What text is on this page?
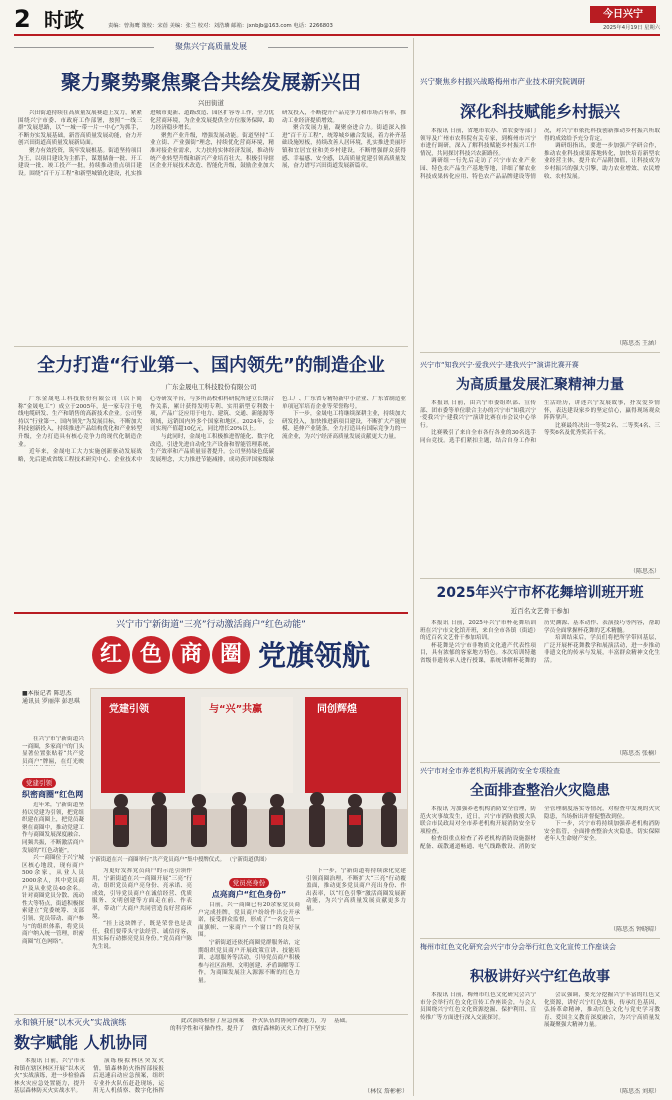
2 时政	责编：曾海鹰 策校：宋蓓 美编：张兰 校对：刘浩璘 邮箱：jxnbjb@163.com 电话：2266803
今日兴宁
2025年4月19日 星期六
聚焦兴宁高质量发展
聚力聚势聚焦聚合共绘发展新兴田
兴田街道

兴田街道持续在高质量发展赛道上发力，紧紧围绕兴宁市委、市政府工作部署，按照“一线三群”发展思路，以“一城一带一片一中心”为抓手，不断夯实发展基础，新晋高质量发展动能，奋力开创兴田街道高质量发展新局面。

聚力有效投资，筑牢发展根基。街道坚持项目为王，以项目建设为主抓手，谋划储备一批、开工建设一批、竣工投产一批，持续推动重点项目建设。围绕“百千万工程”和新型城镇化建设，扎实推进城市更新、道路改造、园区扩容等工作，全力优化营商环境，为企业发展提供全方位服务保障，助力经济稳步增长。

聚焦产业升级，增强发展动能。街道坚持“工业立街、产业强街”理念，持续优化营商环境，精准对接企业需求，大力扶持实体经济发展，推动传统产业转型升级和新兴产业培育壮大。积极引导辖区企业开展技术改造、智能化升级，鼓励企业加大研发投入，不断提升产品竞争力和市场占有率，推动工业经济提质增效。

聚合发展力量，凝聚奋进合力。街道深入推进“百千万工程”，统筹城乡融合发展，着力补齐基础设施短板，持续改善人居环境，扎实推进美丽圩镇和宜居宜业和美乡村建设，不断增强群众获得感、幸福感、安全感，以高质量党建引领高质量发展，奋力谱写兴田街道发展新篇章。

全力打造“行业第一、国内领先”的制造企业
广东金晟电工科技股份有限公司

广东金晟电工科技股份有限公司（以下简称“金晟电工”）成立于2005年，是一家专注于电线电缆研发、生产和销售的高新技术企业。公司坚持以“行业第一、国内领先”为发展目标，不断加大科技创新投入，持续推进产品结构优化和产业转型升级，全力打造具有核心竞争力的现代化制造企业。

近年来，金晟电工大力实施创新驱动发展战略，先后建成省级工程技术研究中心、企业技术中心等研发平台，与多所高校和科研院所建立长期合作关系，累计获得发明专利、实用新型专利数十项，产品广泛应用于电力、建筑、交通、新能源等领域，远销国内外多个国家和地区。2024年，公司实现产值超10亿元，同比增长20%以上。

与此同时，金晟电工积极推进智能化、数字化改造，引进先进自动化生产设备和智能管理系统，生产效率和产品质量显著提升。公司坚持绿色低碳发展理念，大力推进节能减排，成功获评国家级绿色工厂、广东省专精特新中小企业、广东省制造业单项冠军培育企业等荣誉称号。

下一步，金晟电工将继续深耕主业，持续加大研发投入，加快推进新项目建设，不断扩大产能规模、延伸产业链条，全力打造具有国际竞争力的一流企业，为兴宁经济高质量发展贡献更大力量。

兴宁市宁新街道“三亮”行动激活商户“红色动能”
红 色 商 圈 党旗领航
■本报记者 陈思杰
通讯员 罗丽萍 彭思琪

在兴宁市宁新街道兴一商圈，多家商户的门头显著位置张贴着“共产党员商户”牌匾，在灯光映

党建引领	与“兴”共赢	同创辉煌
宁新街道在兴一商圈举行“共产党员商户”集中授牌仪式。 （宁新街道供图）
党建引领
织密商圈“红色网

近年来，宁新街道坚持以党建为引领，把党组织建在商圈上，把党员凝聚在商圈中，推动党建工作与商圈发展深度融合、同频共振，不断激活商户发展的“红色动能”。

兴一商圈位于兴宁城区核心地段，现有商户500余家，从业人员2000余人，其中党员商户及从业党员40余名。针对商圈党员分散、流动性大等特点，街道积极探索建立“党委统筹、支部引领、党员带动、商户参与”的组织体系，将党员商户纳入统一管理，织密商圈“红色网络”。

为更好发挥党员商户的示范引领作用，宁新街道在兴一商圈开展“三亮”行动，组织党员商户亮身份、亮承诺、亮成效，引导党员商户在诚信经营、优质服务、文明创建等方面走在前、作表率，带动广大商户共同营造良好营商环境。

“挂上这块牌子，既是荣誉也是责任，我们要带头守法经营、诚信待客，用实际行动擦亮党员身份。”党员商户陈先生说。

党员亮身份
点亮商户“红色身份”

目前，兴一商圈已有20余家党员商户完成挂牌，党员商户纷纷作出公开承诺，接受群众监督，形成了“一名党员一面旗帜、一家商户一个窗口”的良好氛围。

宁新街道还依托商圈党群服务站，定期组织党员商户开展政策宣讲、技能培训、志愿服务等活动，引导党员商户积极参与社区治理、文明创建、矛盾调解等工作，为商圈发展注入源源不断的红色力量。

下一步，宁新街道将持续深化党建引领商圈治理，不断扩大“三亮”行动覆盖面，推动更多党员商户亮出身份、作出表率，以“红色引擎”激活商圈发展新动能，为兴宁高质量发展贡献更多力量。

永和镇开展“以木灭火”实战演练
数字赋能 人机协同

本报讯 日前，兴宁市永和镇在辖区林区开展“以木灭火”实战演练，进一步检验森林火灾应急处置能力，提升基层森林防灭火实战水平。

演练模拟林区突发火情，镇森林防火指挥部接报后迅速启动应急预案，组织专业扑火队伍赶赴现场，运用无人机侦察、数字化指挥

此次演练检验了应急预案的科学性和可操作性，提升了扑火队伍的协同作战能力，为做好森林防灭火工作打下坚实基础。

（林仪 詹彬彬）
兴宁聚焦乡村振兴战略梅州市产业技术研究院调研
深化科技赋能乡村振兴

本报讯 日前，省地市农办、省农委等部门领导及广州市农科院有关专家，到梅州市兴宁市进行调研，深入了解科技赋能乡村振兴工作情况，共同探讨科技兴农新路径。

调研组一行先后走访了兴宁市农业产业园、特色农产品生产基地等地，详细了解农业科技成果转化应用、特色农产品品牌建设等情况，对兴宁市依托科技创新推动乡村振兴所取得的成效给予充分肯定。

调研组指出，要进一步加强产学研合作，推动农业科技成果落地转化，加快培育新型农业经营主体，提升农产品附加值，让科技成为乡村振兴的强大引擎，助力农业增效、农民增收、农村发展。

（陈思杰 王涵）
兴宁市“知我兴宁·爱我兴宁·建我兴宁”演讲比赛开赛
为高质量发展汇聚精神力量

本报讯 日前，由兴宁市委组织部、宣传部、团市委等单位联合主办的兴宁市“知我兴宁·爱我兴宁·建我兴宁”演讲比赛在市会议中心举行。

比赛吸引了来自全市各行各业的30名选手同台竞技。选手们紧扣主题，结合自身工作和生活经历，讲述兴宁发展故事，抒发爱乡情怀，表达建设家乡的坚定信心，赢得现场观众阵阵掌声。

比赛最终决出一等奖2名、二等奖4名、三等奖6名及优秀奖若干名。

（陈思杰）
2025年兴宁市杯花舞培训班开班
近百名文艺骨干参加

本报讯 日前，2025年兴宁市杯花舞培训班在兴宁市文化馆开班，来自全市各镇（街道）的近百名文艺骨干参加培训。

杯花舞是兴宁市非物质文化遗产代表性项目，具有浓郁的客家地方特色。本次培训特邀省级非遗传承人进行授课，系统讲解杯花舞的历史渊源、基本动作、表演技巧等内容，帮助学员全面掌握杯花舞的艺术精髓。

培训结束后，学员们将把所学带回基层，广泛开展杯花舞教学和展演活动，进一步推动非遗文化的传承与发展，丰富群众精神文化生活。

（陈思杰 张楠）
兴宁市对全市养老机构开展消防安全专项检查
全面排查整治火灾隐患

本报讯 为加强养老机构消防安全管理，防范火灾事故发生，近日，兴宁市消防救援大队联合市民政局对全市养老机构开展消防安全专项检查。

检查组重点检查了养老机构消防设施器材配备、疏散通道畅通、电气线路敷设、消防安全管理制度落实等情况，对检查中发现的火灾隐患，当场指出并督促整改到位。

下一步，兴宁市将持续加强养老机构消防安全监管，全面排查整治火灾隐患，切实保障老年人生命财产安全。

（陈思杰 钟晓晴）
梅州市红色文化研究会兴宁市分会举行红色文化宣传工作座谈会
积极讲好兴宁红色故事

本报讯 日前，梅州市红色文化研究会兴宁市分会举行红色文化宣传工作座谈会，与会人员围绕兴宁红色文化资源挖掘、保护利用、宣传推广等方面进行深入交流探讨。

会议强调，要充分挖掘兴宁丰富的红色文化资源，讲好兴宁红色故事，传承红色基因，弘扬革命精神，推动红色文化与党史学习教育、爱国主义教育深度融合，为兴宁高质量发展凝聚强大精神力量。

（陈思杰 刘琼）
